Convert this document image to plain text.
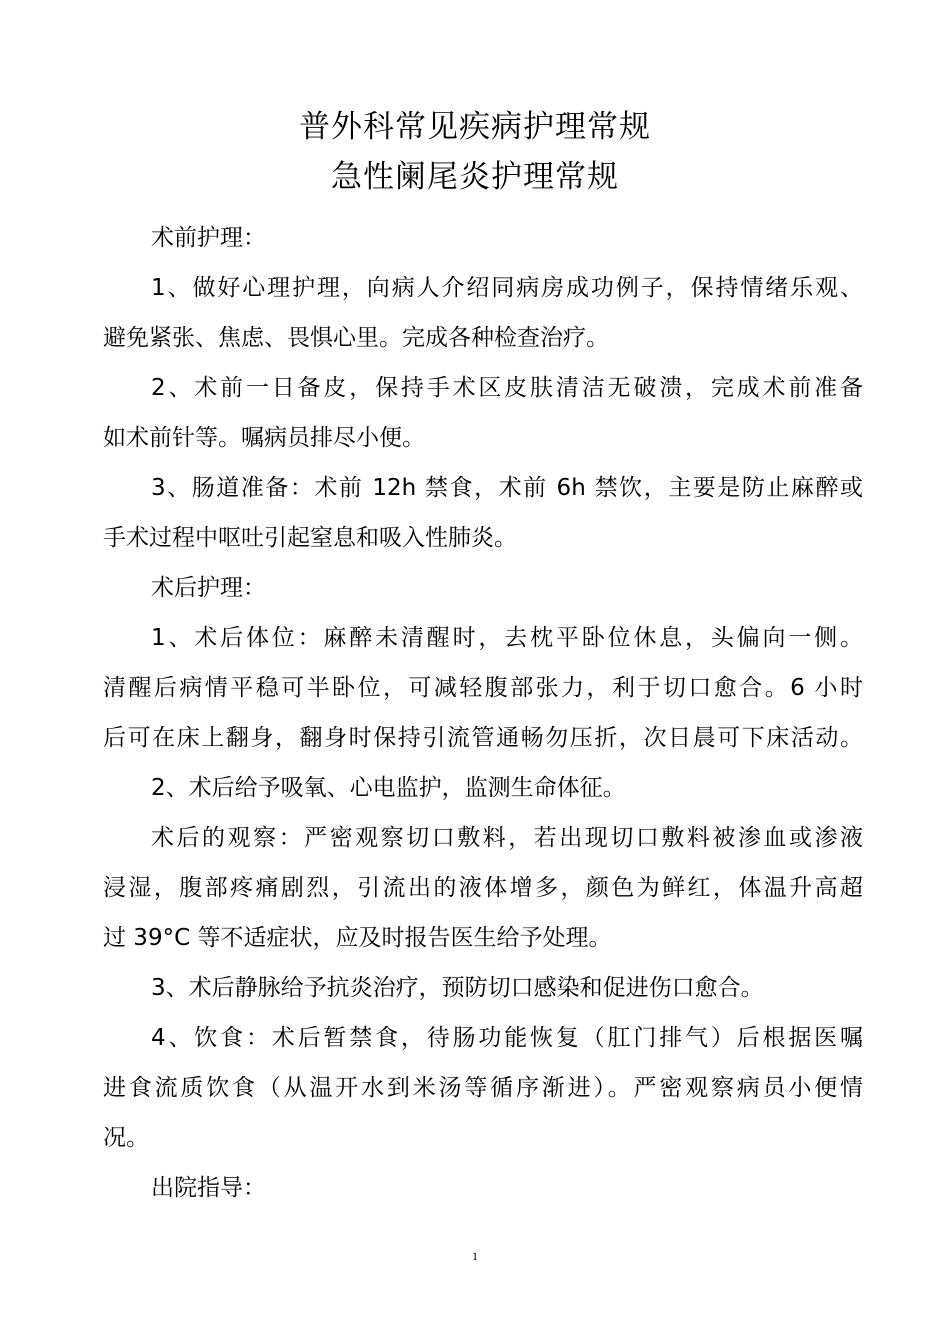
普外科常见疾病护理常规
急性阑尾炎护理常规
术前护理：
1、做好心理护理，向病人介绍同病房成功例子，保持情绪乐观、
避免紧张、焦虑、畏惧心里。完成各种检查治疗。
2、术前一日备皮，保持手术区皮肤清洁无破溃，完成术前准备
如术前针等。嘱病员排尽小便。
3、肠道准备：术前 12h 禁食，术前 6h 禁饮，主要是防止麻醉或
手术过程中呕吐引起窒息和吸入性肺炎。
术后护理：
1、术后体位：麻醉未清醒时，去枕平卧位休息，头偏向一侧。
清醒后病情平稳可半卧位，可减轻腹部张力，利于切口愈合。6 小时
后可在床上翻身，翻身时保持引流管通畅勿压折，次日晨可下床活动。
2、术后给予吸氧、心电监护，监测生命体征。
术后的观察：严密观察切口敷料，若出现切口敷料被渗血或渗液
浸湿，腹部疼痛剧烈，引流出的液体增多，颜色为鲜红，体温升高超
过 39°C 等不适症状，应及时报告医生给予处理。
3、术后静脉给予抗炎治疗，预防切口感染和促进伤口愈合。
4、饮食：术后暂禁食，待肠功能恢复（肛门排气）后根据医嘱
进食流质饮食（从温开水到米汤等循序渐进）。严密观察病员小便情
况。
出院指导：
1
